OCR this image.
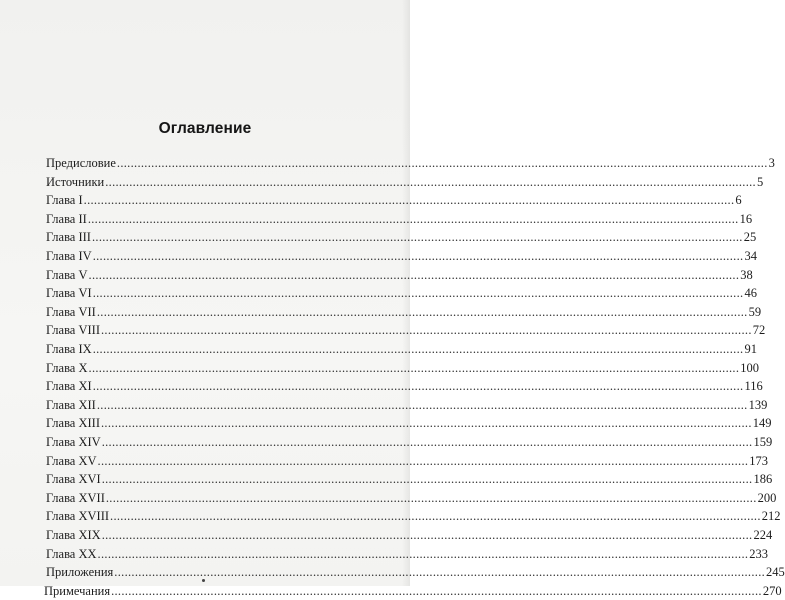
Оглавление
Предисловие .....	3
Источники .....	5
Глава I .....	6
Глава II .....	16
Глава III .....	25
Глава IV .....	34
Глава V .....	38
Глава VI .....	46
Глава VII .....	59
Глава VIII .....	72
Глава IX .....	91
Глава X .....	100
Глава XI .....	116
Глава XII .....	139
Глава XIII .....	149
Глава XIV .....	159
Глава XV .....	173
Глава XVI .....	186
Глава XVII .....	200
Глава XVIII .....	212
Глава XIX .....	224
Глава XX .....	233
Приложения .....	245
Примечания .....	270
